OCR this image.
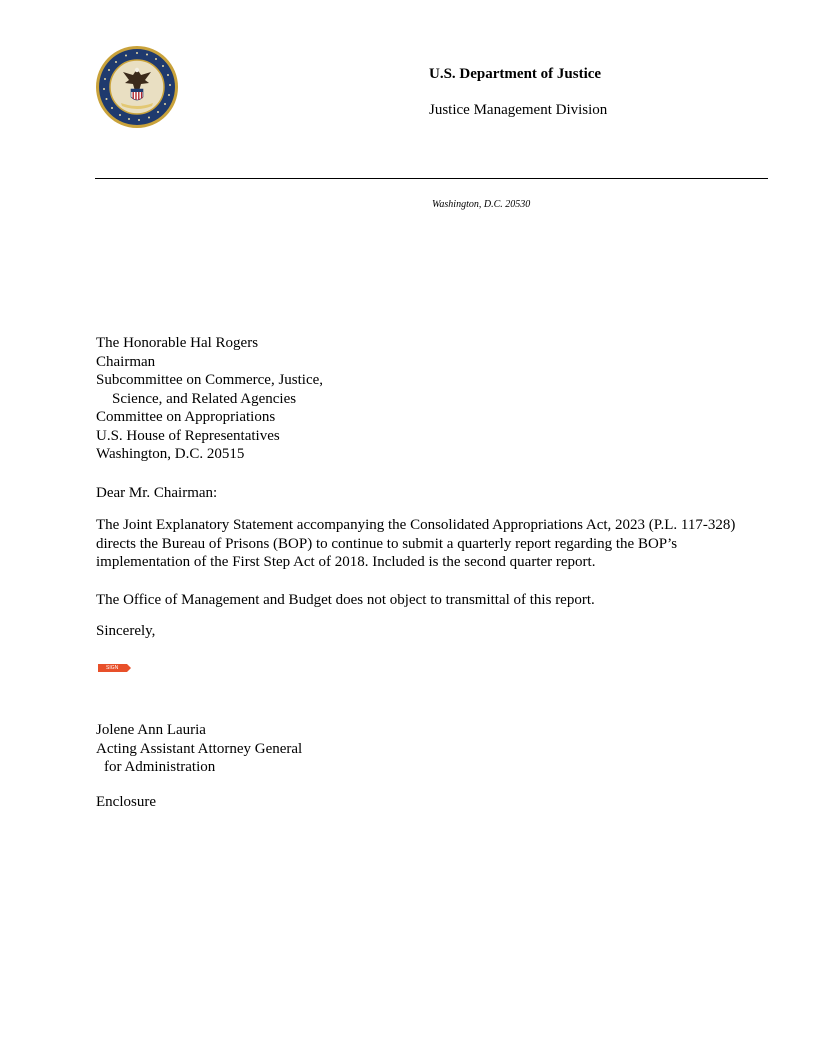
U.S. Department of Justice
Justice Management Division
Washington, D.C. 20530
The Honorable Hal Rogers
Chairman
Subcommittee on Commerce, Justice,
Science, and Related Agencies
Committee on Appropriations
U.S. House of Representatives
Washington, D.C. 20515
Dear Mr. Chairman:
The Joint Explanatory Statement accompanying the Consolidated Appropriations Act, 2023 (P.L. 117-328) directs the Bureau of Prisons (BOP) to continue to submit a quarterly report regarding the BOP’s implementation of the First Step Act of 2018. Included is the second quarter report.
The Office of Management and Budget does not object to transmittal of this report.
Sincerely,
SIGN
Jolene Ann Lauria
Acting Assistant Attorney General
for Administration
Enclosure
